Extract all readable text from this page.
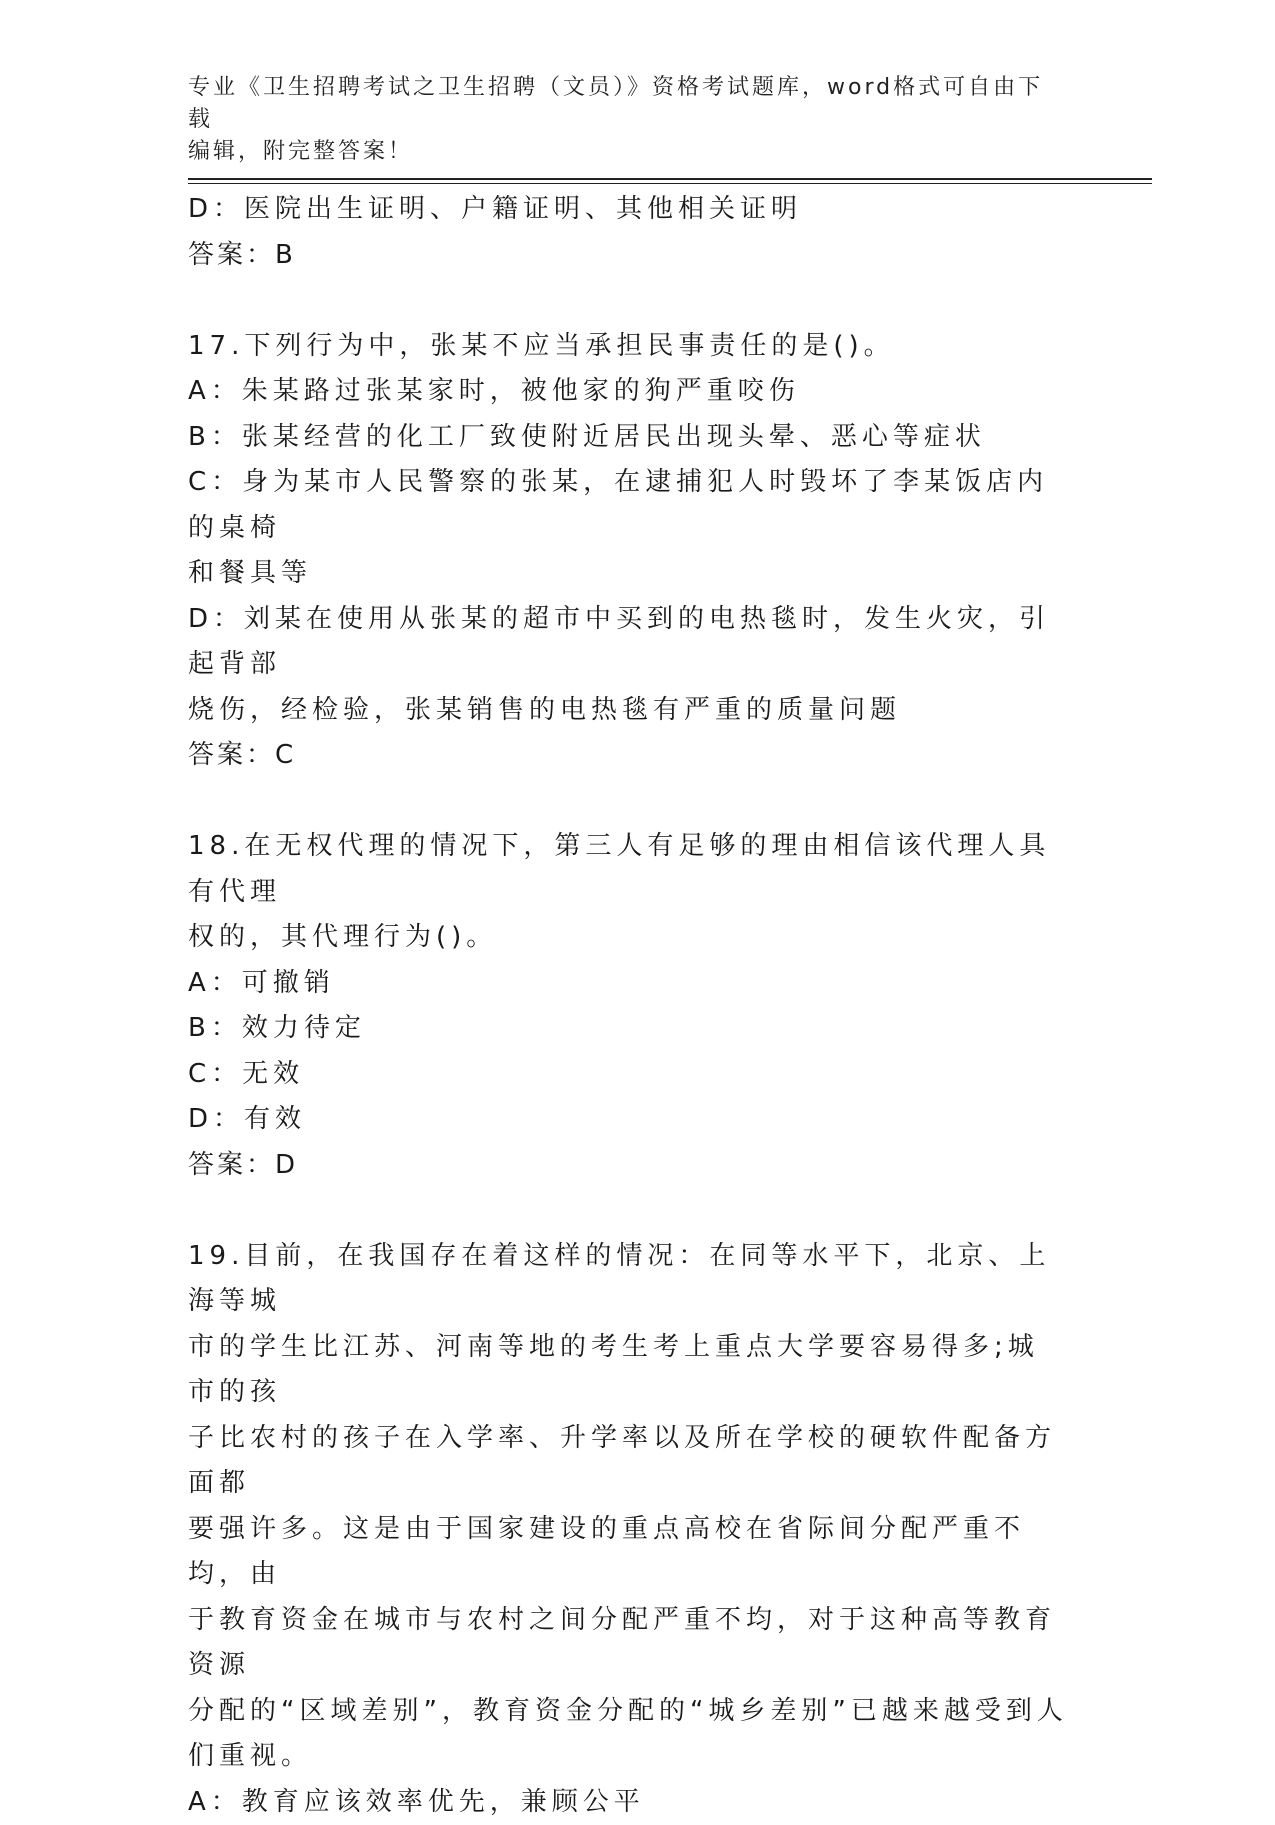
专业《卫生招聘考试之卫生招聘（文员）》资格考试题库，word格式可自由下载
编辑，附完整答案！
D：医院出生证明、户籍证明、其他相关证明
答案：B
17.下列行为中，张某不应当承担民事责任的是()。
A：朱某路过张某家时，被他家的狗严重咬伤
B：张某经营的化工厂致使附近居民出现头晕、恶心等症状
C：身为某市人民警察的张某，在逮捕犯人时毁坏了李某饭店内的桌椅
和餐具等
D：刘某在使用从张某的超市中买到的电热毯时，发生火灾，引起背部
烧伤，经检验，张某销售的电热毯有严重的质量问题
答案：C
18.在无权代理的情况下，第三人有足够的理由相信该代理人具有代理
权的，其代理行为()。
A：可撤销
B：效力待定
C：无效
D：有效
答案：D
19.目前，在我国存在着这样的情况：在同等水平下，北京、上海等城
市的学生比江苏、河南等地的考生考上重点大学要容易得多;城市的孩
子比农村的孩子在入学率、升学率以及所在学校的硬软件配备方面都
要强许多。这是由于国家建设的重点高校在省际间分配严重不均，由
于教育资金在城市与农村之间分配严重不均，对于这种高等教育资源
分配的“区域差别”，教育资金分配的“城乡差别”已越来越受到人
们重视。
A：教育应该效率优先，兼顾公平
